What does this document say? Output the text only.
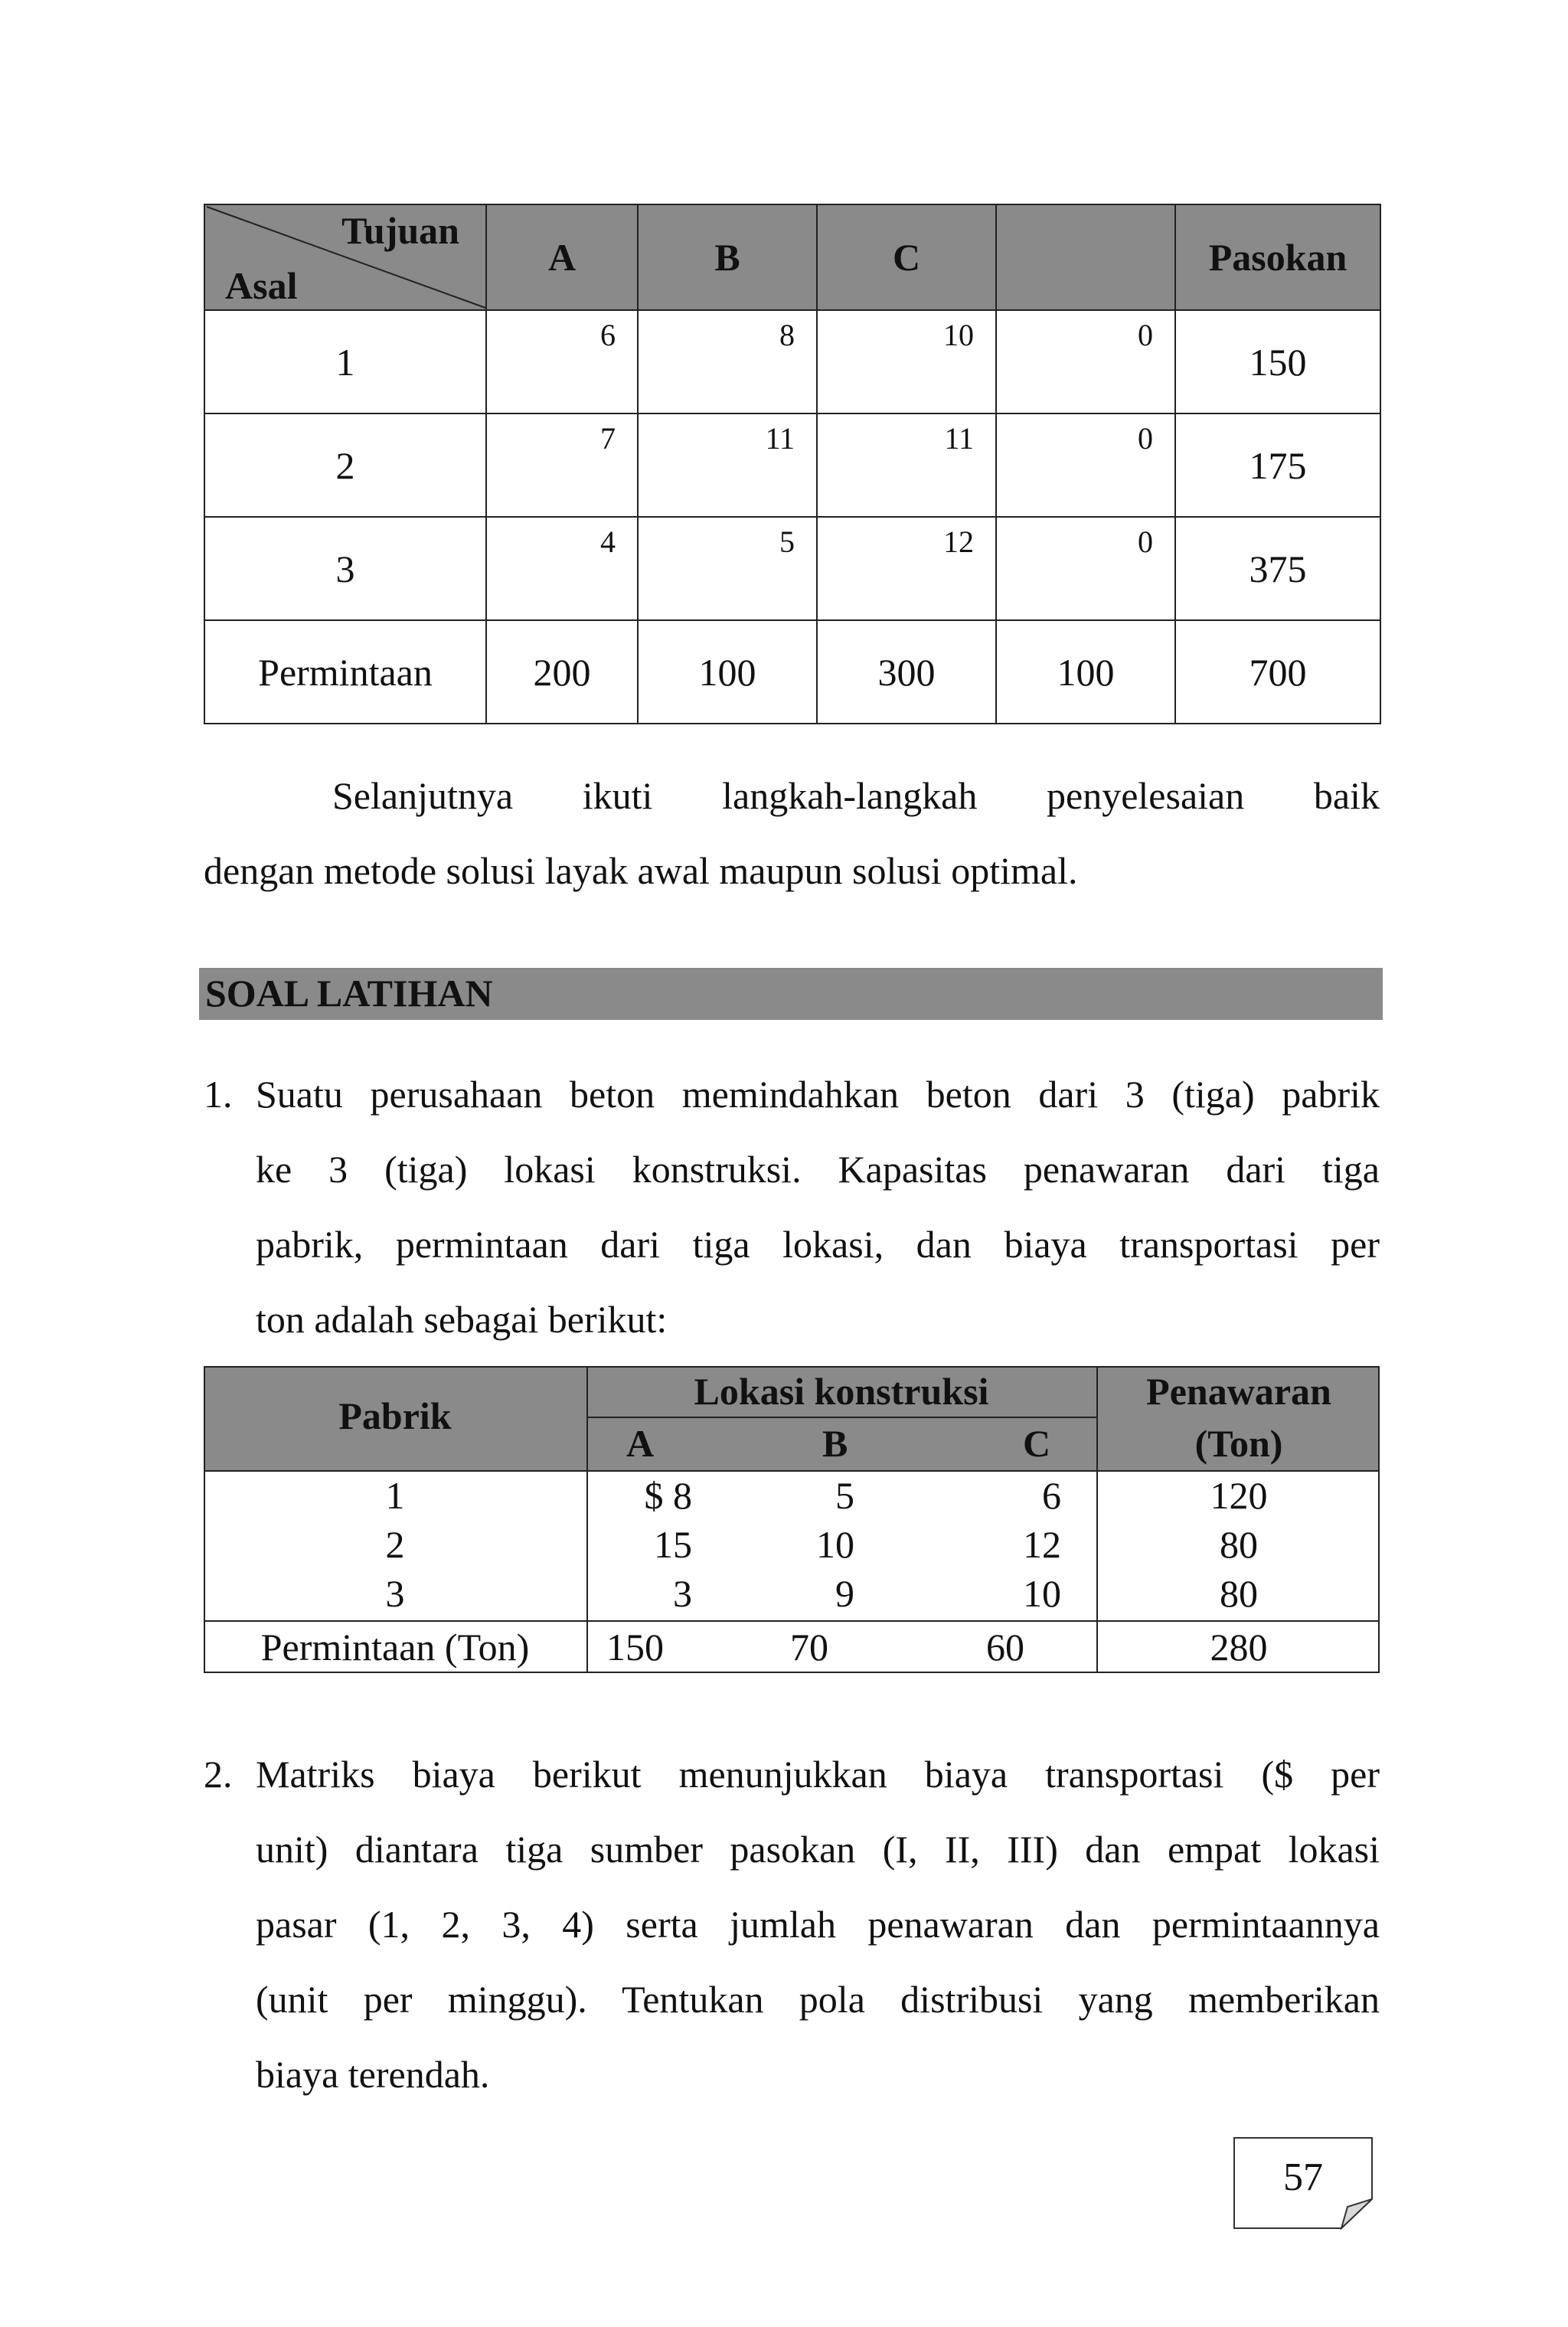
Tujuan
Asal	A	B	C		Pasokan
1	6	8	10	0	150
2	7	11	11	0	175
3	4	5	12	0	375
Permintaan	200	100	300	100	700
Selanjutnya ikuti langkah-langkah penyelesaian baik
dengan metode solusi layak awal maupun solusi optimal.
SOAL LATIHAN
1. Suatu perusahaan beton memindahkan beton dari 3 (tiga) pabrik
ke 3 (tiga) lokasi konstruksi. Kapasitas penawaran dari tiga
pabrik, permintaan dari tiga lokasi, dan biaya transportasi per
ton adalah sebagai berikut:
Pabrik
Lokasi konstruksi
A	B	C
Penawaran
(Ton)
1	$ 8	5	6	120
2	15	10	12	80
3	3	9	10	80
Permintaan (Ton)	150	70	60	280
2. Matriks biaya berikut menunjukkan biaya transportasi ($ per
unit) diantara tiga sumber pasokan (I, II, III) dan empat lokasi
pasar (1, 2, 3, 4) serta jumlah penawaran dan permintaannya
(unit per minggu). Tentukan pola distribusi yang memberikan
biaya terendah.
57
